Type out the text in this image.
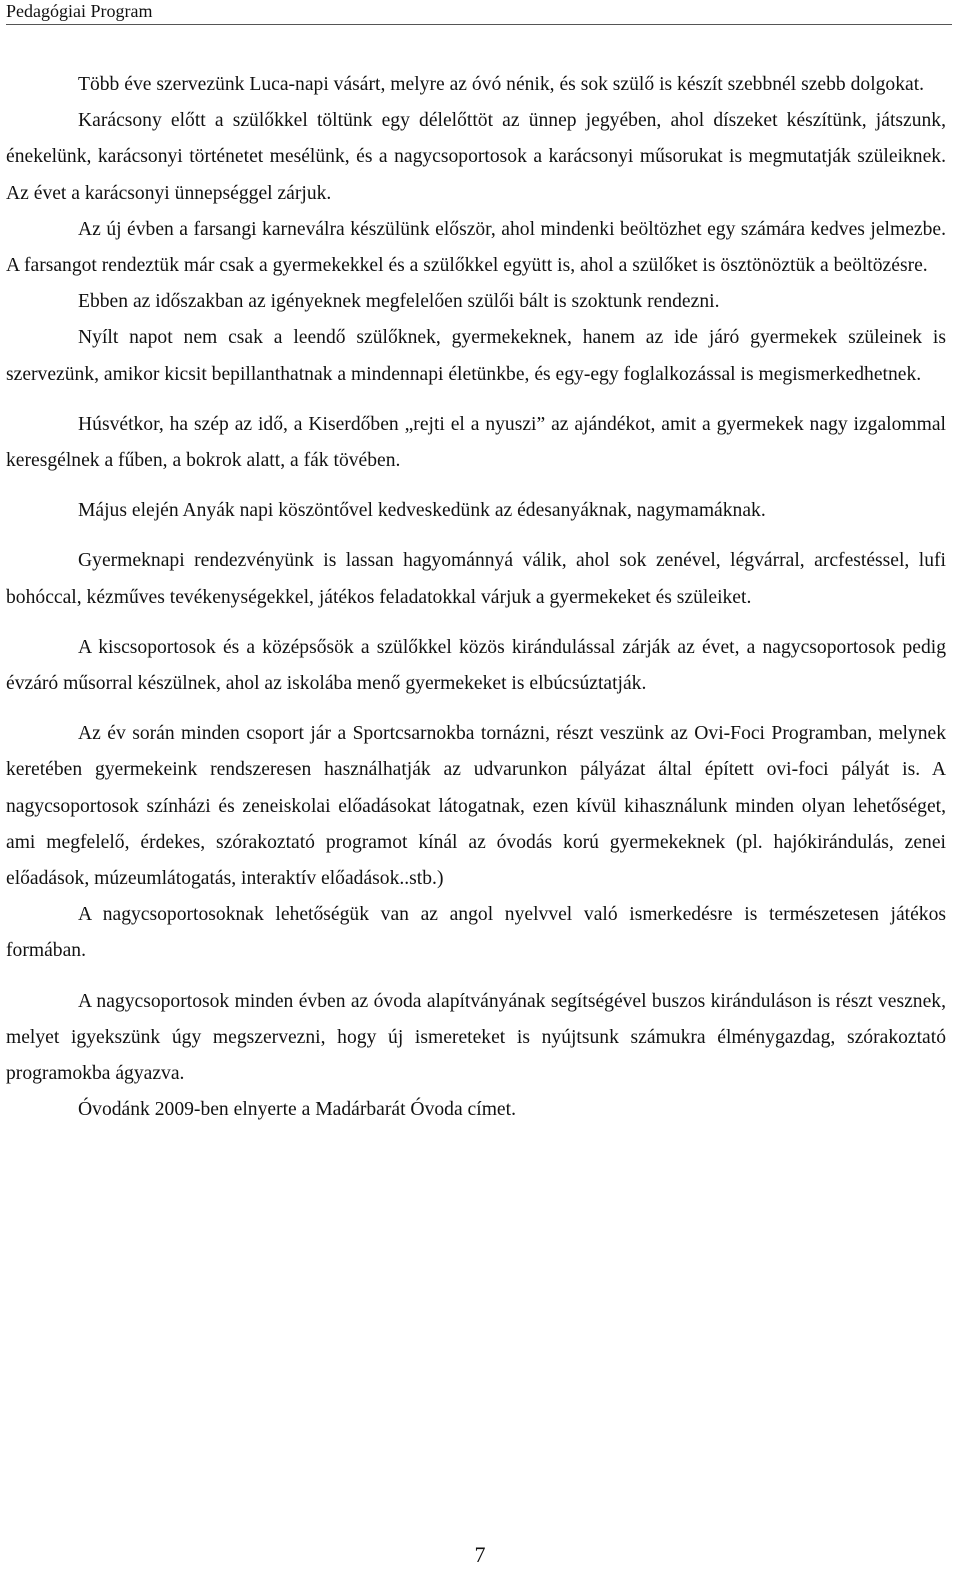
Pedagógiai Program

Több éve szervezünk Luca-napi vásárt, melyre az óvó nénik, és sok szülő is készít szebbnél szebb dolgokat.

Karácsony előtt a szülőkkel töltünk egy délelőttöt az ünnep jegyében, ahol díszeket készítünk, játszunk, énekelünk, karácsonyi történetet mesélünk, és a nagycsoportosok a karácsonyi műsorukat is megmutatják szüleiknek. Az évet a karácsonyi ünnepséggel zárjuk.

Az új évben a farsangi karneválra készülünk először, ahol mindenki beöltözhet egy számára kedves jelmezbe. A farsangot rendeztük már csak a gyermekekkel és a szülőkkel együtt is, ahol a szülőket is ösztönöztük a beöltözésre.

Ebben az időszakban az igényeknek megfelelően szülői bált is szoktunk rendezni.

Nyílt napot nem csak a leendő szülőknek, gyermekeknek, hanem az ide járó gyermekek szüleinek is szervezünk, amikor kicsit bepillanthatnak a mindennapi életünkbe, és egy-egy foglalkozással is megismerkedhetnek.

Húsvétkor, ha szép az idő, a Kiserdőben „rejti el a nyuszi” az ajándékot, amit a gyermekek nagy izgalommal keresgélnek a fűben, a bokrok alatt, a fák tövében.

Május elején Anyák napi köszöntővel kedveskedünk az édesanyáknak, nagymamáknak.

Gyermeknapi rendezvényünk is lassan hagyománnyá válik, ahol sok zenével, légvárral, arcfestéssel, lufi bohóccal, kézműves tevékenységekkel, játékos feladatokkal várjuk a gyermekeket és szüleiket.

A kiscsoportosok és a középsősök a szülőkkel közös kirándulással zárják az évet, a nagycsoportosok pedig évzáró műsorral készülnek, ahol az iskolába menő gyermekeket is elbúcsúztatják.

Az év során minden csoport jár a Sportcsarnokba tornázni, részt veszünk az Ovi-Foci Programban, melynek keretében gyermekeink rendszeresen használhatják az udvarunkon pályázat által épített ovi-foci pályát is. A nagycsoportosok színházi és zeneiskolai előadásokat látogatnak, ezen kívül kihasználunk minden olyan lehetőséget, ami megfelelő, érdekes, szórakoztató programot kínál az óvodás korú gyermekeknek (pl. hajókirándulás, zenei előadások, múzeumlátogatás, interaktív előadások..stb.)

A nagycsoportosoknak lehetőségük van az angol nyelvvel való ismerkedésre is természetesen játékos formában.

A nagycsoportosok minden évben az óvoda alapítványának segítségével buszos kiránduláson is részt vesznek, melyet igyekszünk úgy megszervezni, hogy új ismereteket is nyújtsunk számukra élménygazdag, szórakoztató programokba ágyazva.

Óvodánk 2009-ben elnyerte a Madárbarát Óvoda címet.

7
